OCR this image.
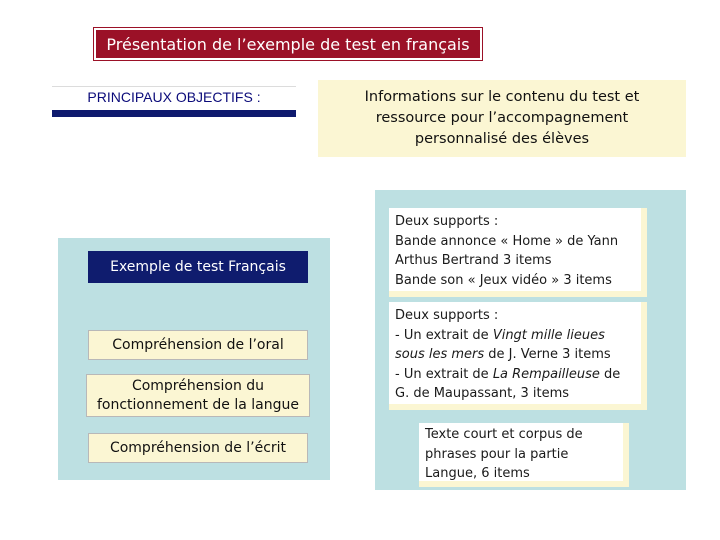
Présentation de l’exemple de test en français
PRINCIPAUX OBJECTIFS :	Informations sur le contenu du test et ressource pour l’accompagnement personnalisé des élèves
Exemple de test Français
Compréhension de l’oral
Compréhension du fonctionnement de la langue
Compréhension de l’écrit
Deux supports :
Bande annonce « Home » de Yann Arthus Bertrand 3 items
Bande son « Jeux vidéo » 3 items
Deux supports :

- Un extrait de Vingt mille lieues sous les mers de J. Verne 3 items

- Un extrait de La Rempailleuse de G. de Maupassant, 3 items

Texte court et corpus de phrases pour la partie Langue, 6 items
